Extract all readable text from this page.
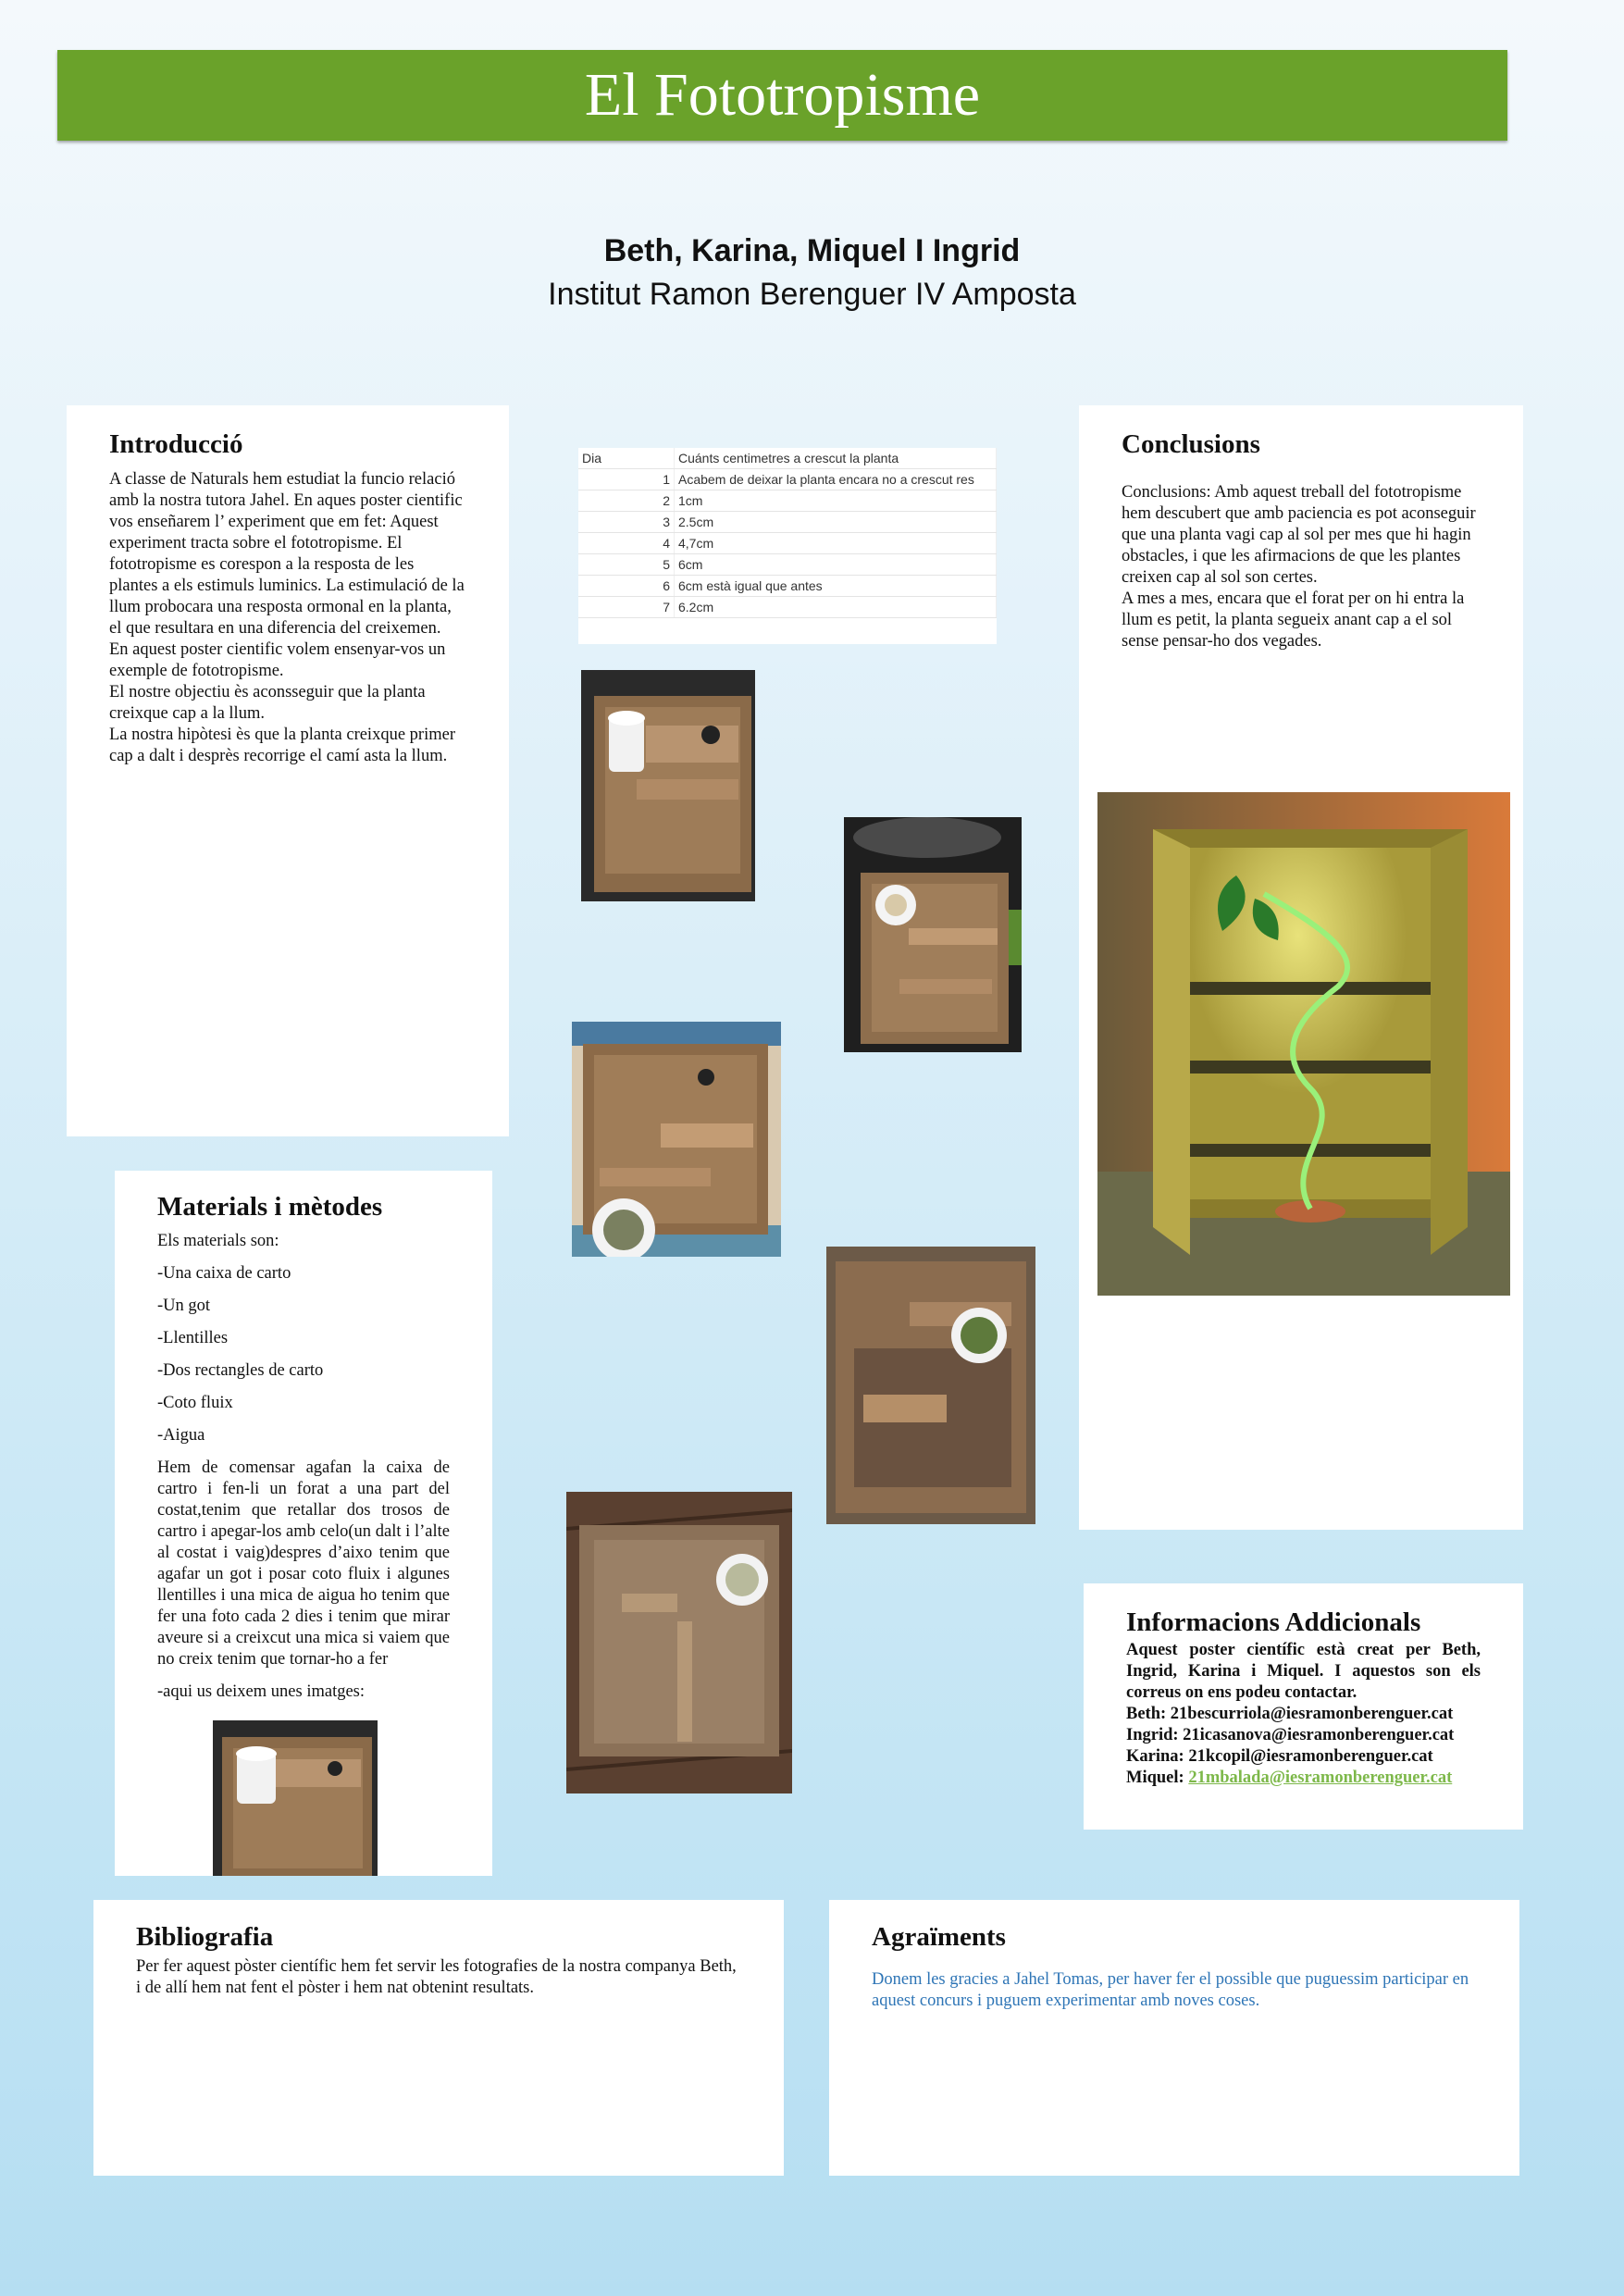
El Fototropisme
Beth, Karina, Miquel I Ingrid
Institut Ramon Berenguer IV Amposta
Introducció

A classe de Naturals hem estudiat la funcio relació amb la nostra tutora Jahel. En aques poster cientific vos enseñarem l’ experiment que em fet: Aquest experiment tracta sobre el fototropisme. El fototropisme es corespon a la resposta de les plantes a els estimuls luminics. La estimulació de la llum probocara una resposta ormonal en la planta, el que resultara en una diferencia del creixemen.

En aquest poster cientific volem ensenyar-vos un exemple de fototropisme.

El nostre objectiu ès aconsseguir que la planta creixque cap a la llum.

La nostra hipòtesi ès que la planta creixque primer cap a dalt i desprès recorrige el camí asta la llum.

Dia	Cuánts centimetres a crescut la planta
1	Acabem de deixar la planta encara no a crescut res
2	1cm
3	2.5cm
4	4,7cm
5	6cm
6	6cm està igual que antes
7	6.2cm
Conclusions

Conclusions: Amb aquest treball del fototropisme hem descubert que amb paciencia es pot aconseguir que una planta vagi cap al sol per mes que hi hagin obstacles, i que les afirmacions de que les plantes creixen cap al sol son certes.

A mes a mes, encara que el forat per on hi entra la llum es petit, la planta segueix anant cap a el sol sense pensar-ho dos vegades.

Materials i mètodes

Els materials son:

-Una caixa de carto

-Un got

-Llentilles

-Dos rectangles de carto

-Coto fluix

-Aigua

Hem de comensar agafan la caixa de cartro i fen-li un forat a una part del costat,tenim que retallar dos trosos de cartro i apegar-los amb celo(un dalt i l’alte al costat i vaig)despres d’aixo tenim que agafar un got i posar coto fluix i algunes llentilles i una mica de aigua ho tenim que fer una foto cada 2 dies i tenim que mirar aveure si a creixcut una mica si vaiem que no creix tenim que tornar-ho a fer

-aqui us deixem unes imatges:

Informacions Addicionals

Aquest poster científic està creat per Beth, Ingrid, Karina i Miquel. I aquestos son els correus on ens podeu contactar.

Beth: 21bescurriola@iesramonberenguer.cat
Ingrid: 21icasanova@iesramonberenguer.cat
Karina: 21kcopil@iesramonberenguer.cat
Miquel: 21mbalada@iesramonberenguer.cat
Bibliografia

Per fer aquest pòster científic hem fet servir les fotografies de la nostra companya Beth, i de allí hem nat fent el pòster i hem nat obtenint resultats.

Agraïments

Donem les gracies a Jahel Tomas, per haver fer el possible que puguessim participar en aquest concurs i puguem experimentar amb noves coses.
